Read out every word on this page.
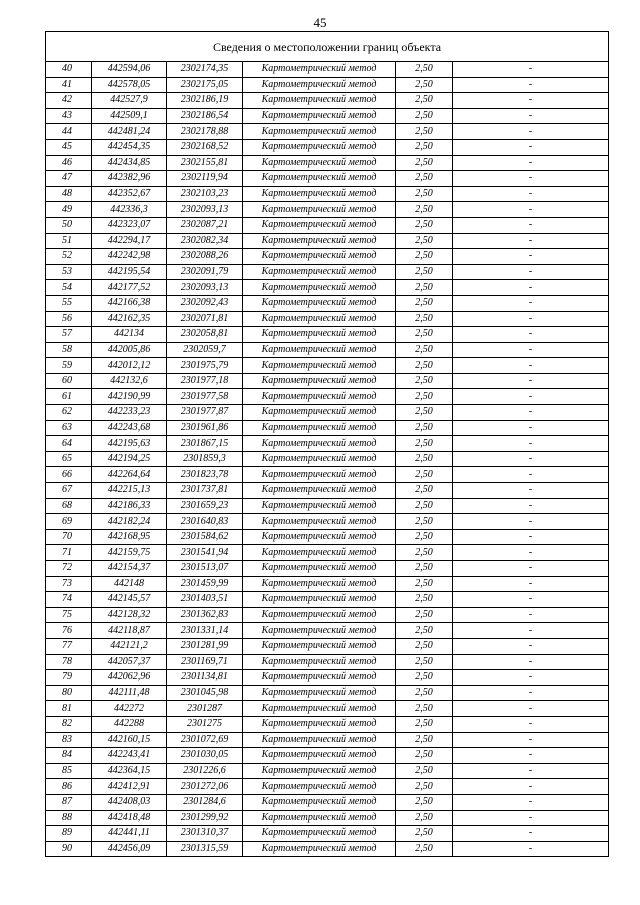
45
Сведения о местоположении границ объекта					
40	442594,06	2302174,35	Картометрический метод	2,50	-
41	442578,05	2302175,05	Картометрический метод	2,50	-
42	442527,9	2302186,19	Картометрический метод	2,50	-
43	442509,1	2302186,54	Картометрический метод	2,50	-
44	442481,24	2302178,88	Картометрический метод	2,50	-
45	442454,35	2302168,52	Картометрический метод	2,50	-
46	442434,85	2302155,81	Картометрический метод	2,50	-
47	442382,96	2302119,94	Картометрический метод	2,50	-
48	442352,67	2302103,23	Картометрический метод	2,50	-
49	442336,3	2302093,13	Картометрический метод	2,50	-
50	442323,07	2302087,21	Картометрический метод	2,50	-
51	442294,17	2302082,34	Картометрический метод	2,50	-
52	442242,98	2302088,26	Картометрический метод	2,50	-
53	442195,54	2302091,79	Картометрический метод	2,50	-
54	442177,52	2302093,13	Картометрический метод	2,50	-
55	442166,38	2302092,43	Картометрический метод	2,50	-
56	442162,35	2302071,81	Картометрический метод	2,50	-
57	442134	2302058,81	Картометрический метод	2,50	-
58	442005,86	2302059,7	Картометрический метод	2,50	-
59	442012,12	2301975,79	Картометрический метод	2,50	-
60	442132,6	2301977,18	Картометрический метод	2,50	-
61	442190,99	2301977,58	Картометрический метод	2,50	-
62	442233,23	2301977,87	Картометрический метод	2,50	-
63	442243,68	2301961,86	Картометрический метод	2,50	-
64	442195,63	2301867,15	Картометрический метод	2,50	-
65	442194,25	2301859,3	Картометрический метод	2,50	-
66	442264,64	2301823,78	Картометрический метод	2,50	-
67	442215,13	2301737,81	Картометрический метод	2,50	-
68	442186,33	2301659,23	Картометрический метод	2,50	-
69	442182,24	2301640,83	Картометрический метод	2,50	-
70	442168,95	2301584,62	Картометрический метод	2,50	-
71	442159,75	2301541,94	Картометрический метод	2,50	-
72	442154,37	2301513,07	Картометрический метод	2,50	-
73	442148	2301459,99	Картометрический метод	2,50	-
74	442145,57	2301403,51	Картометрический метод	2,50	-
75	442128,32	2301362,83	Картометрический метод	2,50	-
76	442118,87	2301331,14	Картометрический метод	2,50	-
77	442121,2	2301281,99	Картометрический метод	2,50	-
78	442057,37	2301169,71	Картометрический метод	2,50	-
79	442062,96	2301134,81	Картометрический метод	2,50	-
80	442111,48	2301045,98	Картометрический метод	2,50	-
81	442272	2301287	Картометрический метод	2,50	-
82	442288	2301275	Картометрический метод	2,50	-
83	442160,15	2301072,69	Картометрический метод	2,50	-
84	442243,41	2301030,05	Картометрический метод	2,50	-
85	442364,15	2301226,6	Картометрический метод	2,50	-
86	442412,91	2301272,06	Картометрический метод	2,50	-
87	442408,03	2301284,6	Картометрический метод	2,50	-
88	442418,48	2301299,92	Картометрический метод	2,50	-
89	442441,11	2301310,37	Картометрический метод	2,50	-
90	442456,09	2301315,59	Картометрический метод	2,50	-
